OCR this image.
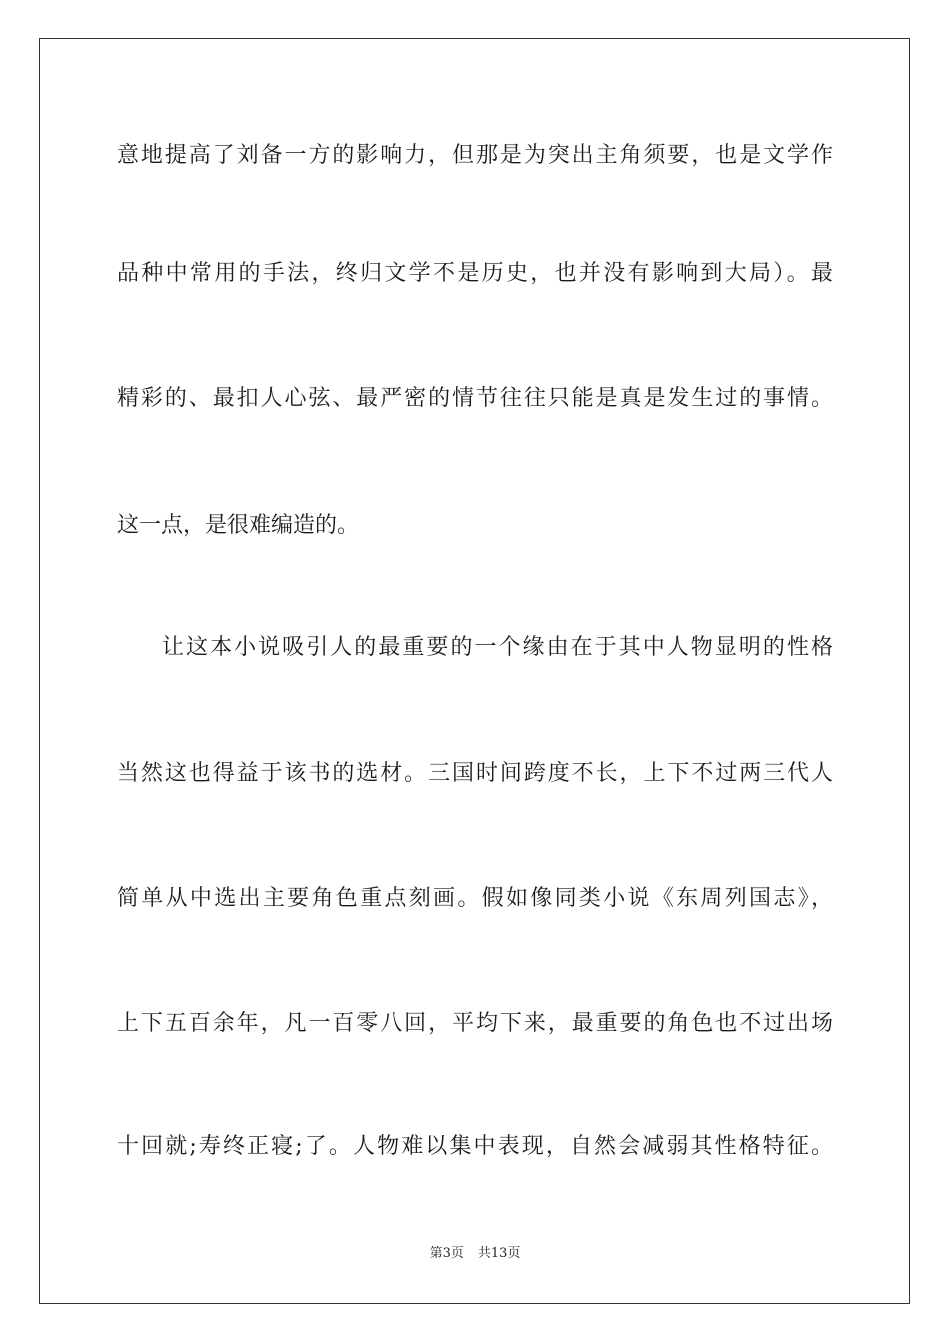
意地提高了刘备一方的影响力，但那是为突出主角须要，也是文学作
品种中常用的手法，终归文学不是历史，也并没有影响到大局）。最
精彩的、最扣人心弦、最严密的情节往往只能是真是发生过的事情。
这一点，是很难编造的。
让这本小说吸引人的最重要的一个缘由在于其中人物显明的性格
当然这也得益于该书的选材。三国时间跨度不长，上下不过两三代人
简单从中选出主要角色重点刻画。假如像同类小说《东周列国志》，
上下五百余年，凡一百零八回，平均下来，最重要的角色也不过出场
十回就;寿终正寝;了。人物难以集中表现，自然会减弱其性格特征。
第3页 共13页
